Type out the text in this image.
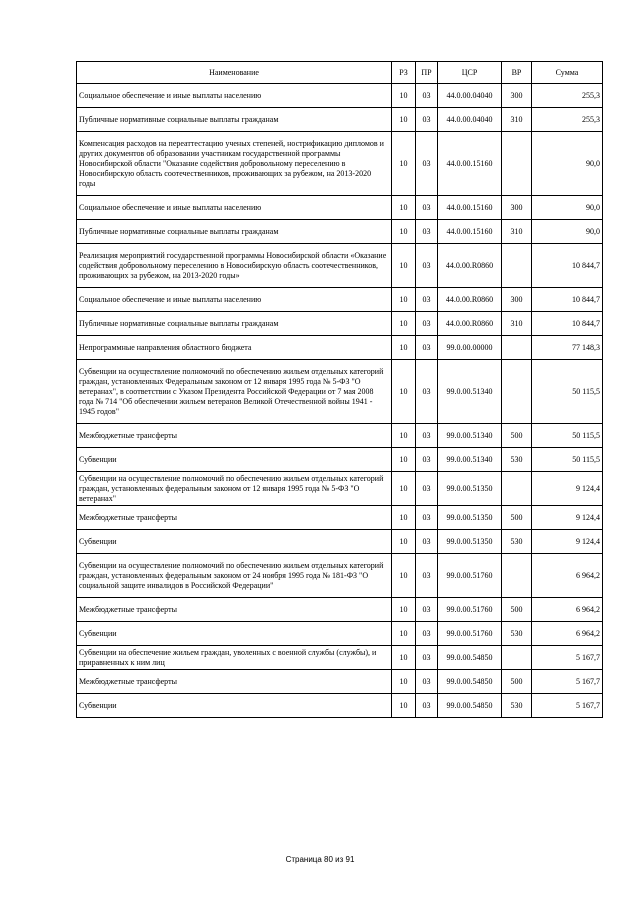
Наименование	РЗ	ПР	ЦСР	ВР	Сумма
Социальное обеспечение и иные выплаты населению	10	03	44.0.00.04040	300	255,3
Публичные нормативные социальные выплаты гражданам	10	03	44.0.00.04040	310	255,3
Компенсация расходов на переаттестацию ученых степеней, нострификацию дипломов и других документов об образовании участникам государственной программы Новосибирской области "Оказание содействия добровольному переселению в Новосибирскую область соотечественников, проживающих за рубежом, на 2013-2020 годы	10	03	44.0.00.15160		90,0
Социальное обеспечение и иные выплаты населению	10	03	44.0.00.15160	300	90,0
Публичные нормативные социальные выплаты гражданам	10	03	44.0.00.15160	310	90,0
Реализация мероприятий государственной программы Новосибирской области «Оказание содействия добровольному переселению в Новосибирскую область соотечественников, проживающих за рубежом, на 2013-2020 годы»	10	03	44.0.00.R0860		10 844,7
Социальное обеспечение и иные выплаты населению	10	03	44.0.00.R0860	300	10 844,7
Публичные нормативные социальные выплаты гражданам	10	03	44.0.00.R0860	310	10 844,7
Непрограммные направления областного бюджета	10	03	99.0.00.00000		77 148,3
Субвенции на осуществление полномочий по обеспечению жильем отдельных категорий граждан, установленных Федеральным законом от 12 января 1995 года № 5-ФЗ "О ветеранах", в соответствии с Указом Президента Российской Федерации от 7 мая 2008 года № 714 "Об обеспечении жильем ветеранов Великой Отечественной войны 1941 - 1945 годов"	10	03	99.0.00.51340		50 115,5
Межбюджетные трансферты	10	03	99.0.00.51340	500	50 115,5
Субвенции	10	03	99.0.00.51340	530	50 115,5
Субвенции на осуществление полномочий по обеспечению жильем отдельных категорий граждан, установленных федеральным законом от 12 января 1995 года № 5-ФЗ "О ветеранах"	10	03	99.0.00.51350		9 124,4
Межбюджетные трансферты	10	03	99.0.00.51350	500	9 124,4
Субвенции	10	03	99.0.00.51350	530	9 124,4
Субвенции на осуществление полномочий по обеспечению жильем отдельных категорий граждан, установленных федеральным законом от 24 ноября 1995 года № 181-ФЗ "О социальной защите инвалидов в Российской Федерации"	10	03	99.0.00.51760		6 964,2
Межбюджетные трансферты	10	03	99.0.00.51760	500	6 964,2
Субвенции	10	03	99.0.00.51760	530	6 964,2
Субвенции на обеспечение жильем граждан, уволенных с военной службы (службы), и приравненных к ним лиц	10	03	99.0.00.54850		5 167,7
Межбюджетные трансферты	10	03	99.0.00.54850	500	5 167,7
Субвенции	10	03	99.0.00.54850	530	5 167,7
Страница 80 из 91
